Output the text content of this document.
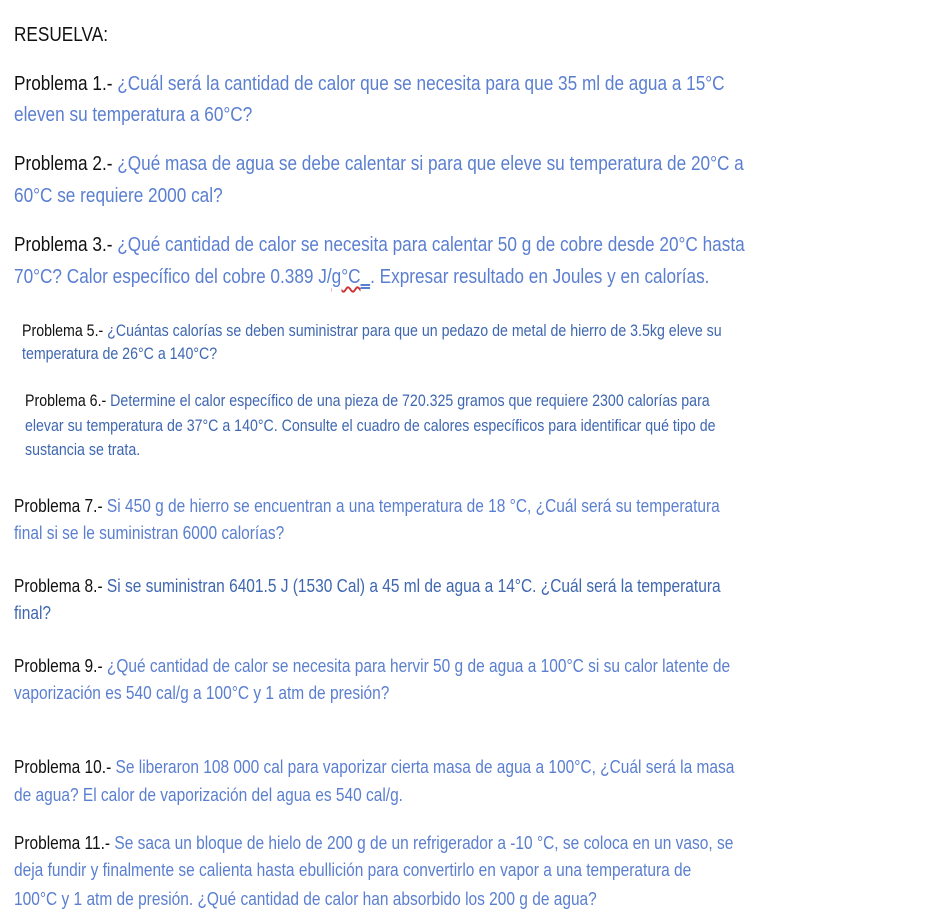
RESUELVA:
Problema 1.- ¿Cuál será la cantidad de calor que se necesita para que 35 ml de agua a 15°C
eleven su temperatura a 60°C?
Problema 2.- ¿Qué masa de agua se debe calentar si para que eleve su temperatura de 20°C a
60°C se requiere 2000 cal?
Problema 3.- ¿Qué cantidad de calor se necesita para calentar 50 g de cobre desde 20°C hasta
70°C? Calor específico del cobre 0.389 J/g°C . Expresar resultado en Joules y en calorías.
Problema 5.- ¿Cuántas calorías se deben suministrar para que un pedazo de metal de hierro de 3.5kg eleve su
temperatura de 26°C a 140°C?
Problema 6.- Determine el calor específico de una pieza de 720.325 gramos que requiere 2300 calorías para
elevar su temperatura de 37°C a 140°C. Consulte el cuadro de calores específicos para identificar qué tipo de
sustancia se trata.
Problema 7.- Si 450 g de hierro se encuentran a una temperatura de 18 °C, ¿Cuál será su temperatura
final si se le suministran 6000 calorías?
Problema 8.- Si se suministran 6401.5 J (1530 Cal) a 45 ml de agua a 14°C. ¿Cuál será la temperatura
final?
Problema 9.- ¿Qué cantidad de calor se necesita para hervir 50 g de agua a 100°C si su calor latente de
vaporización es 540 cal/g a 100°C y 1 atm de presión?
Problema 10.- Se liberaron 108 000 cal para vaporizar cierta masa de agua a 100°C, ¿Cuál será la masa
de agua? El calor de vaporización del agua es 540 cal/g.
Problema 11.- Se saca un bloque de hielo de 200 g de un refrigerador a -10 °C, se coloca en un vaso, se
deja fundir y finalmente se calienta hasta ebullición para convertirlo en vapor a una temperatura de
100°C y 1 atm de presión. ¿Qué cantidad de calor han absorbido los 200 g de agua?
